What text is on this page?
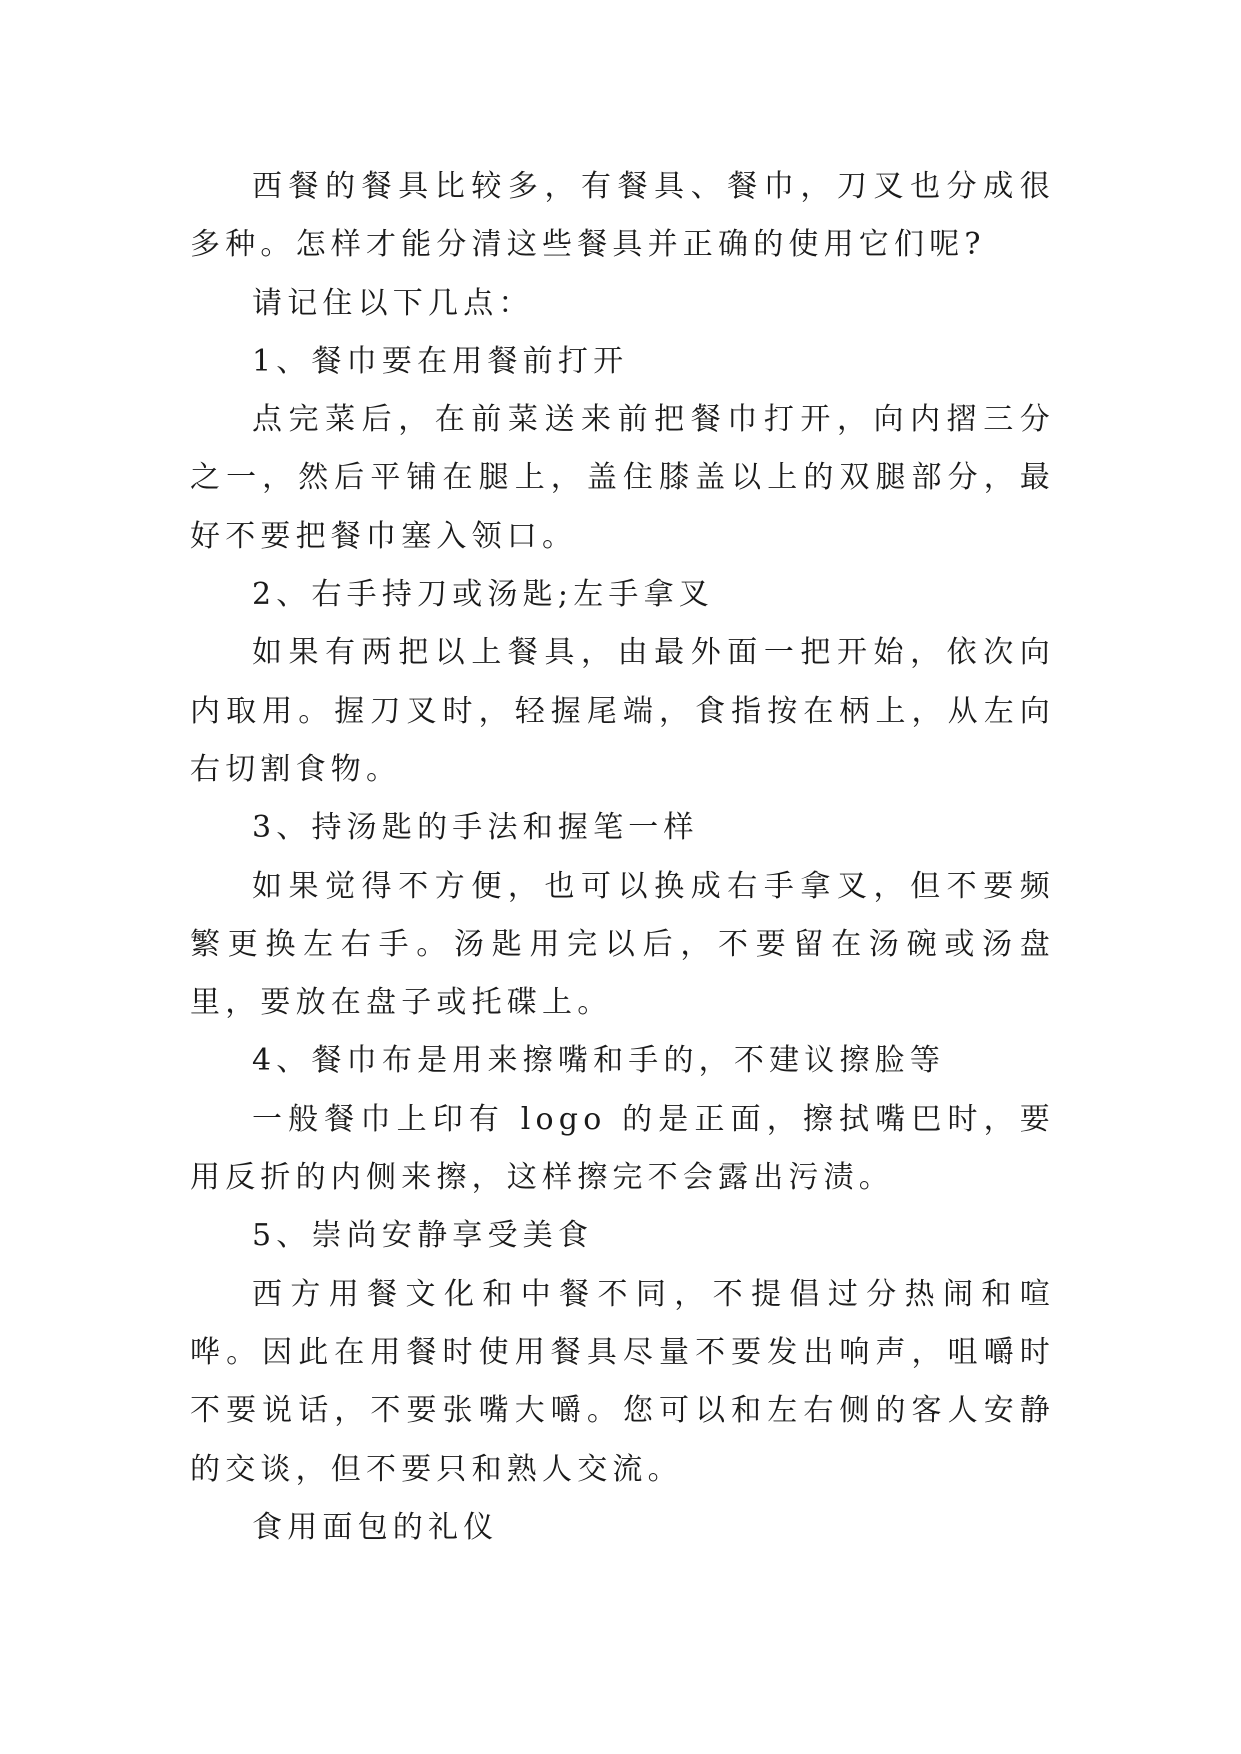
西餐的餐具比较多，有餐具、餐巾，刀叉也分成很多种。怎样才能分清这些餐具并正确的使用它们呢?

请记住以下几点：

1、餐巾要在用餐前打开

点完菜后，在前菜送来前把餐巾打开，向内摺三分之一，然后平铺在腿上，盖住膝盖以上的双腿部分，最好不要把餐巾塞入领口。

2、右手持刀或汤匙;左手拿叉

如果有两把以上餐具，由最外面一把开始，依次向内取用。握刀叉时，轻握尾端，食指按在柄上，从左向右切割食物。

3、持汤匙的手法和握笔一样

如果觉得不方便，也可以换成右手拿叉，但不要频繁更换左右手。汤匙用完以后，不要留在汤碗或汤盘里，要放在盘子或托碟上。

4、餐巾布是用来擦嘴和手的，不建议擦脸等

一般餐巾上印有 logo 的是正面，擦拭嘴巴时，要用反折的内侧来擦，这样擦完不会露出污渍。

5、崇尚安静享受美食

西方用餐文化和中餐不同，不提倡过分热闹和喧哗。因此在用餐时使用餐具尽量不要发出响声，咀嚼时不要说话，不要张嘴大嚼。您可以和左右侧的客人安静的交谈，但不要只和熟人交流。

食用面包的礼仪
